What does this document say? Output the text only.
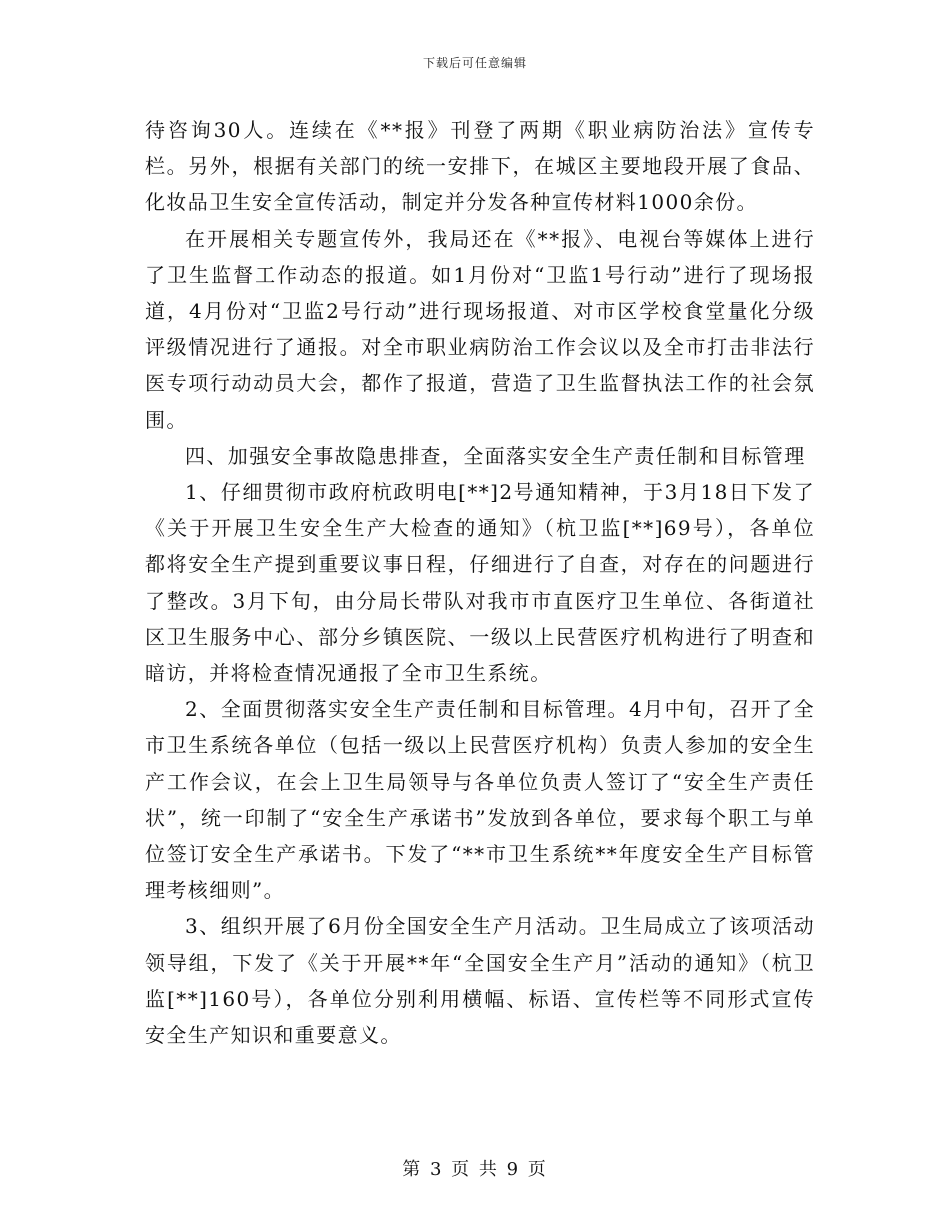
下载后可任意编辑

待咨询30人。连续在《**报》刊登了两期《职业病防治法》宣传专栏。另外，根据有关部门的统一安排下，在城区主要地段开展了食品、化妆品卫生安全宣传活动，制定并分发各种宣传材料1000余份。

在开展相关专题宣传外，我局还在《**报》、电视台等媒体上进行了卫生监督工作动态的报道。如1月份对“卫监1号行动”进行了现场报道，4月份对“卫监2号行动”进行现场报道、对市区学校食堂量化分级评级情况进行了通报。对全市职业病防治工作会议以及全市打击非法行医专项行动动员大会，都作了报道，营造了卫生监督执法工作的社会氛围。

四、加强安全事故隐患排查，全面落实安全生产责任制和目标管理

1、仔细贯彻市政府杭政明电[**]2号通知精神，于3月18日下发了《关于开展卫生安全生产大检查的通知》（杭卫监[**]69号），各单位都将安全生产提到重要议事日程，仔细进行了自查，对存在的问题进行了整改。3月下旬，由分局长带队对我市市直医疗卫生单位、各街道社区卫生服务中心、部分乡镇医院、一级以上民营医疗机构进行了明查和暗访，并将检查情况通报了全市卫生系统。

2、全面贯彻落实安全生产责任制和目标管理。4月中旬，召开了全市卫生系统各单位（包括一级以上民营医疗机构）负责人参加的安全生产工作会议，在会上卫生局领导与各单位负责人签订了“安全生产责任状”，统一印制了“安全生产承诺书”发放到各单位，要求每个职工与单位签订安全生产承诺书。下发了“**市卫生系统**年度安全生产目标管理考核细则”。

3、组织开展了6月份全国安全生产月活动。卫生局成立了该项活动领导组，下发了《关于开展**年“全国安全生产月”活动的通知》（杭卫监[**]160号），各单位分别利用横幅、标语、宣传栏等不同形式宣传安全生产知识和重要意义。

第 3 页 共 9 页
